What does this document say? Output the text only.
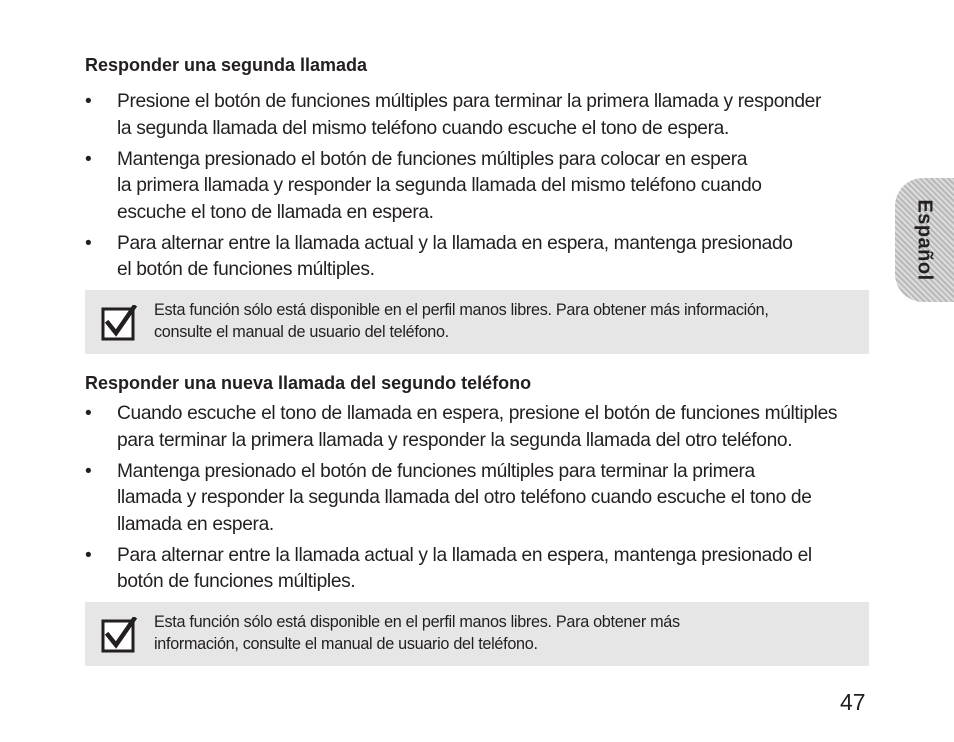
Responder una segunda llamada
• Presione el botón de funciones múltiples para terminar la primera llamada y responder
la segunda llamada del mismo teléfono cuando escuche el tono de espera.
• Mantenga presionado el botón de funciones múltiples para colocar en espera
la primera llamada y responder la segunda llamada del mismo teléfono cuando
escuche el tono de llamada en espera.
• Para alternar entre la llamada actual y la llamada en espera, mantenga presionado
el botón de funciones múltiples.
Esta función sólo está disponible en el perfil manos libres. Para obtener más información,
consulte el manual de usuario del teléfono.
Responder una nueva llamada del segundo teléfono
• Cuando escuche el tono de llamada en espera, presione el botón de funciones múltiples
para terminar la primera llamada y responder la segunda llamada del otro teléfono.
• Mantenga presionado el botón de funciones múltiples para terminar la primera
llamada y responder la segunda llamada del otro teléfono cuando escuche el tono de
llamada en espera.
• Para alternar entre la llamada actual y la llamada en espera, mantenga presionado el
botón de funciones múltiples.
Esta función sólo está disponible en el perfil manos libres. Para obtener más
información, consulte el manual de usuario del teléfono.
Español
47
